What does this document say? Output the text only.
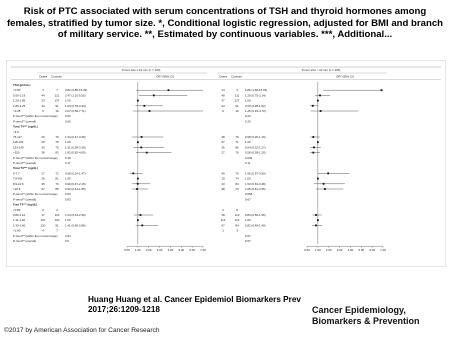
Risk of PTC associated with serum concentrations of TSH and thyroid hormones among females, stratified by tumor size. *, Conditional logistic regression, adjusted for BMI and branch of military service. **, Estimated by continuous variables. ***, Additional...
Tumor size ≤ 10 mm (n = 120)	Tumor size > 10 mm (n = 206)
Cases Controls	OR* (95% CI)	Cases Controls	OR* (95% CI)
TSH (µU/mL)
<0.50	1	7 3.82 (0.85-15.49)	14	3 6.86 (1.50-15.04)
0.50-1.19	44	121 2.47 (1.10-5.55)	48	111 1.20 (0.75-2.14)
1.20-1.85	23	137 1.00	37	127 1.00
1.86-3.25	34	91 1.60 (0.78-3.30)	24	91 0.53 (0.28-1.02)
>3.25	5	16 2.07 (0.56-7.71)	6	16 1.25 (0.33-4.73)
P-trend** (within the normal range)	0.05	0.22
P-trend** (overall)	0.65	0.29
Total T4*** (ng/dL)
<4.0
75-117	20	70 1.34 (0.47-3.35)	38	79 0.58 (0.29-1.19)
118-132	29	75 1.00	37	71 1.00
133-149	33	75 1.31 (0.58-3.39)	36	86 0.64 (0.32-1.27)
>150	38	83 1.82 (0.82-4.09)	27	76 0.58 (0.28-1.20)
P-trend** (within the normal range)	0.18	0.032
P-trend** (overall)	0.17	0.11
Total T3*** (ng/dL)
0-7.7	17	72 0.58 (0.24-1.47)	40	70 1.95 (0.97-3.90)
7.8-8.8	26	81 1.00	19	74 1.00
8.9-10.6	35	70 0.99 (0.47-2.15)	43	84 1.53 (0.63-3.48)
>10.6	37	88 0.92 (0.44-1.95)	38	73 1.65 (0.81-3.35)
P-trend** (within the normal range)	0.53	0.058
P-trend** (overall)	0.83	0.67
Free T4*** (ng/dL)
<0.80	2	2	2	8
0.80-1.10	17	110 1.24 (0.64-2.39)	48	110 0.83 (0.50-1.36)
1.11-1.20	107	120 1.00	112	112 1.00
1.30-1.60	120	91 1.41 (0.80-2.86)	67	84 0.82 (0.48-1.40)
>1.60	4	7	1	3
P-trend** (within the normal range)	0.34	0.57
P-trend** (overall)	0.6	0.57
0.00 1.00 2.00 3.00 4.00 5.00 6.00 7.00	0.00 1.00 2.00 3.00 4.00 5.00 6.00 7.00
Huang Huang et al. Cancer Epidemiol Biomarkers Prev
2017;26:1209-1218
©2017 by American Association for Cancer Research
Cancer Epidemiology,
Biomarkers & Prevention
